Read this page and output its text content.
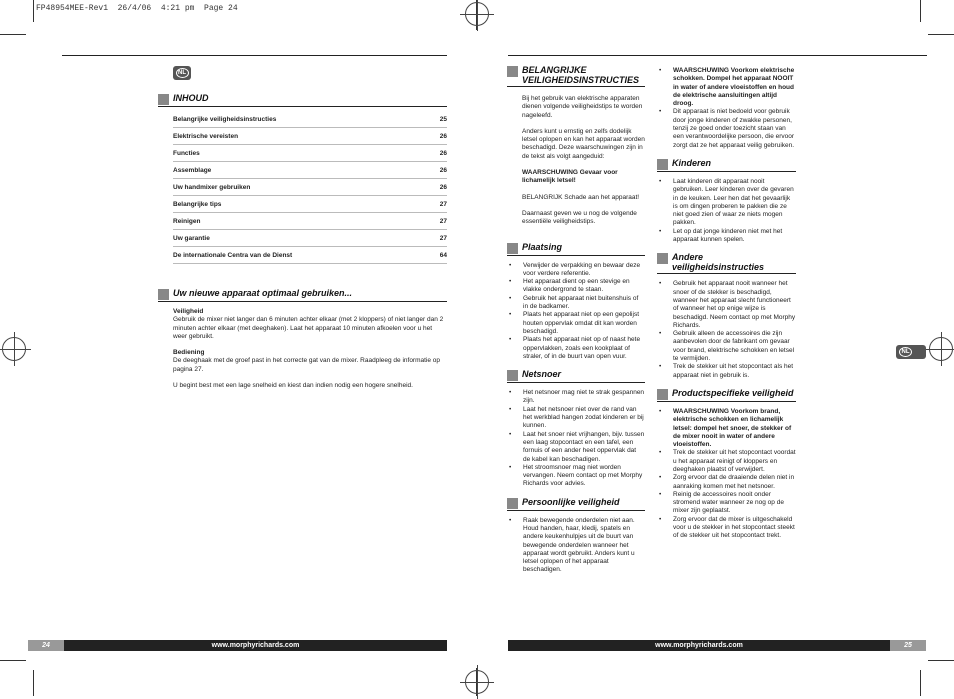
FP48954MEE-Rev1  26/4/06  4:21 pm  Page 24
NL
NL
INHOUD
Belangrijke veiligheidsinstructies	25
Elektrische vereisten	26
Functies	26
Assemblage	26
Uw handmixer gebruiken	26
Belangrijke tips	27
Reinigen	27
Uw garantie	27
De internationale Centra van de Dienst	64
Uw nieuwe apparaat optimaal gebruiken...
Veiligheid
Gebruik de mixer niet langer dan 6 minuten achter elkaar (met 2 kloppers) of niet langer dan 2 minuten achter elkaar (met deeghaken). Laat het apparaat 10 minuten afkoelen voor u het weer gebruikt.
Bediening
De deeghaak met de groef past in het correcte gat van de mixer. Raadpleeg de informatie op pagina 27.
U begint best met een lage snelheid en kiest dan indien nodig een hogere snelheid.
BELANGRIJKE VEILIGHEIDSINSTRUCTIES
Bij het gebruik van elektrische apparaten dienen volgende veiligheidstips te worden nageleefd.
Anders kunt u ernstig en zelfs dodelijk letsel oplopen en kan het apparaat worden beschadigd. Deze waarschuwingen zijn in de tekst als volgt aangeduid:
WAARSCHUWING Gevaar voor lichamelijk letsel!
BELANGRIJK Schade aan het apparaat!
Daarnaast geven we u nog de volgende essentiële veiligheidstips.
Plaatsing
• Verwijder de verpakking en bewaar deze voor verdere referentie.
• Het apparaat dient op een stevige en vlakke ondergrond te staan.
• Gebruik het apparaat niet buitenshuis of in de badkamer.
• Plaats het apparaat niet op een gepolijst houten oppervlak omdat dit kan worden beschadigd.
• Plaats het apparaat niet op of naast hete oppervlakken, zoals een kookplaat of straler, of in de buurt van open vuur.
Netsnoer
• Het netsnoer mag niet te strak gespannen zijn.
• Laat het netsnoer niet over de rand van het werkblad hangen zodat kinderen er bij kunnen.
• Laat het snoer niet vrijhangen, bijv. tussen een laag stopcontact en een tafel, een fornuis of een ander heet oppervlak dat de kabel kan beschadigen.
• Het stroomsnoer mag niet worden vervangen. Neem contact op met Morphy Richards voor advies.
Persoonlijke veiligheid
• Raak bewegende onderdelen niet aan. Houd handen, haar, kledij, spatels en andere keukenhulpjes uit de buurt van bewegende onderdelen wanneer het apparaat wordt gebruikt. Anders kunt u letsel oplopen of het apparaat beschadigen.
• WAARSCHUWING Voorkom elektrische schokken. Dompel het apparaat NOOIT in water of andere vloeistoffen en houd de elektrische aansluitingen altijd droog.
• Dit apparaat is niet bedoeld voor gebruik door jonge kinderen of zwakke personen, tenzij ze goed onder toezicht staan van een verantwoordelijke persoon, die ervoor zorgt dat ze het apparaat veilig gebruiken.
Kinderen
• Laat kinderen dit apparaat nooit gebruiken. Leer kinderen over de gevaren in de keuken. Leer hen dat het gevaarlijk is om dingen proberen te pakken die ze niet goed zien of waar ze niets mogen pakken.
• Let op dat jonge kinderen niet met het apparaat kunnen spelen.
Andere veiligheidsinstructies
• Gebruik het apparaat nooit wanneer het snoer of de stekker is beschadigd, wanneer het apparaat slecht functioneert of wanneer het op enige wijze is beschadigd. Neem contact op met Morphy Richards.
• Gebruik alleen de accessoires die zijn aanbevolen door de fabrikant om gevaar voor brand, elektrische schokken en letsel te vermijden.
• Trek de stekker uit het stopcontact als het apparaat niet in gebruik is.
Productspecifieke veiligheid
• WAARSCHUWING Voorkom brand, elektrische schokken en lichamelijk letsel: dompel het snoer, de stekker of de mixer nooit in water of andere vloeistoffen.
• Trek de stekker uit het stopcontact voordat u het apparaat reinigt of kloppers en deeghaken plaatst of verwijdert.
• Zorg ervoor dat de draaiende delen niet in aanraking komen met het netsnoer.
• Reinig de accessoires nooit onder stromend water wanneer ze nog op de mixer zijn geplaatst.
• Zorg ervoor dat de mixer is uitgeschakeld voor u de stekker in het stopcontact steekt of de stekker uit het stopcontact trekt.
24	www.morphyrichards.com	www.morphyrichards.com	25
